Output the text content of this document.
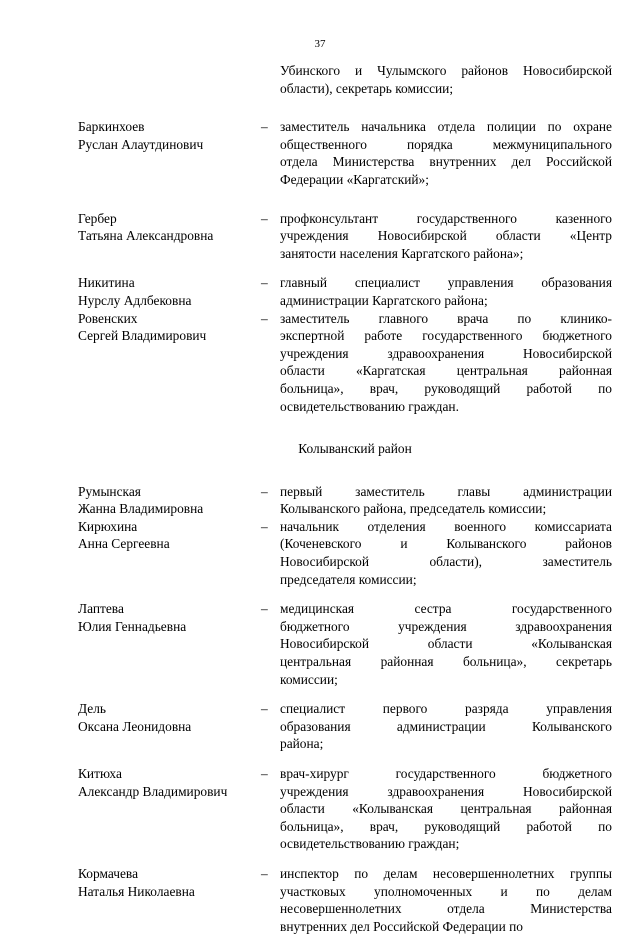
37
Убинского и Чулымского районов Новосибирской
области), секретарь комиссии;
Баркинхоев
Руслан Алаутдинович
– заместитель начальника отдела полиции по охране
общественного порядка межмуниципального
отдела Министерства внутренних дел Российской
Федерации «Каргатский»;
Гербер
Татьяна Александровна
– профконсультант государственного казенного
учреждения Новосибирской области «Центр
занятости населения Каргатского района»;
Никитина
Нурслу Адлбековна
– главный специалист управления образования
администрации Каргатского района;
Ровенских
Сергей Владимирович
– заместитель главного врача по клинико-
экспертной работе государственного бюджетного
учреждения здравоохранения Новосибирской
области «Каргатская центральная районная
больница», врач, руководящий работой по
освидетельствованию граждан.
Колыванский район
Румынская
Жанна Владимировна
– первый заместитель главы администрации
Колыванского района, председатель комиссии;
Кирюхина
Анна Сергеевна
– начальник отделения военного комиссариата
(Коченевского и Колыванского районов
Новосибирской области), заместитель
председателя комиссии;
Лаптева
Юлия Геннадьевна
– медицинская сестра государственного
бюджетного учреждения здравоохранения
Новосибирской области «Колыванская
центральная районная больница», секретарь
комиссии;
Дель
Оксана Леонидовна
– специалист первого разряда управления
образования администрации Колыванского
района;
Китюха
Александр Владимирович
– врач-хирург государственного бюджетного
учреждения здравоохранения Новосибирской
области «Колыванская центральная районная
больница», врач, руководящий работой по
освидетельствованию граждан;
Кормачева
Наталья Николаевна
– инспектор по делам несовершеннолетних группы
участковых уполномоченных и по делам
несовершеннолетних отдела Министерства
внутренних дел Российской Федерации по
